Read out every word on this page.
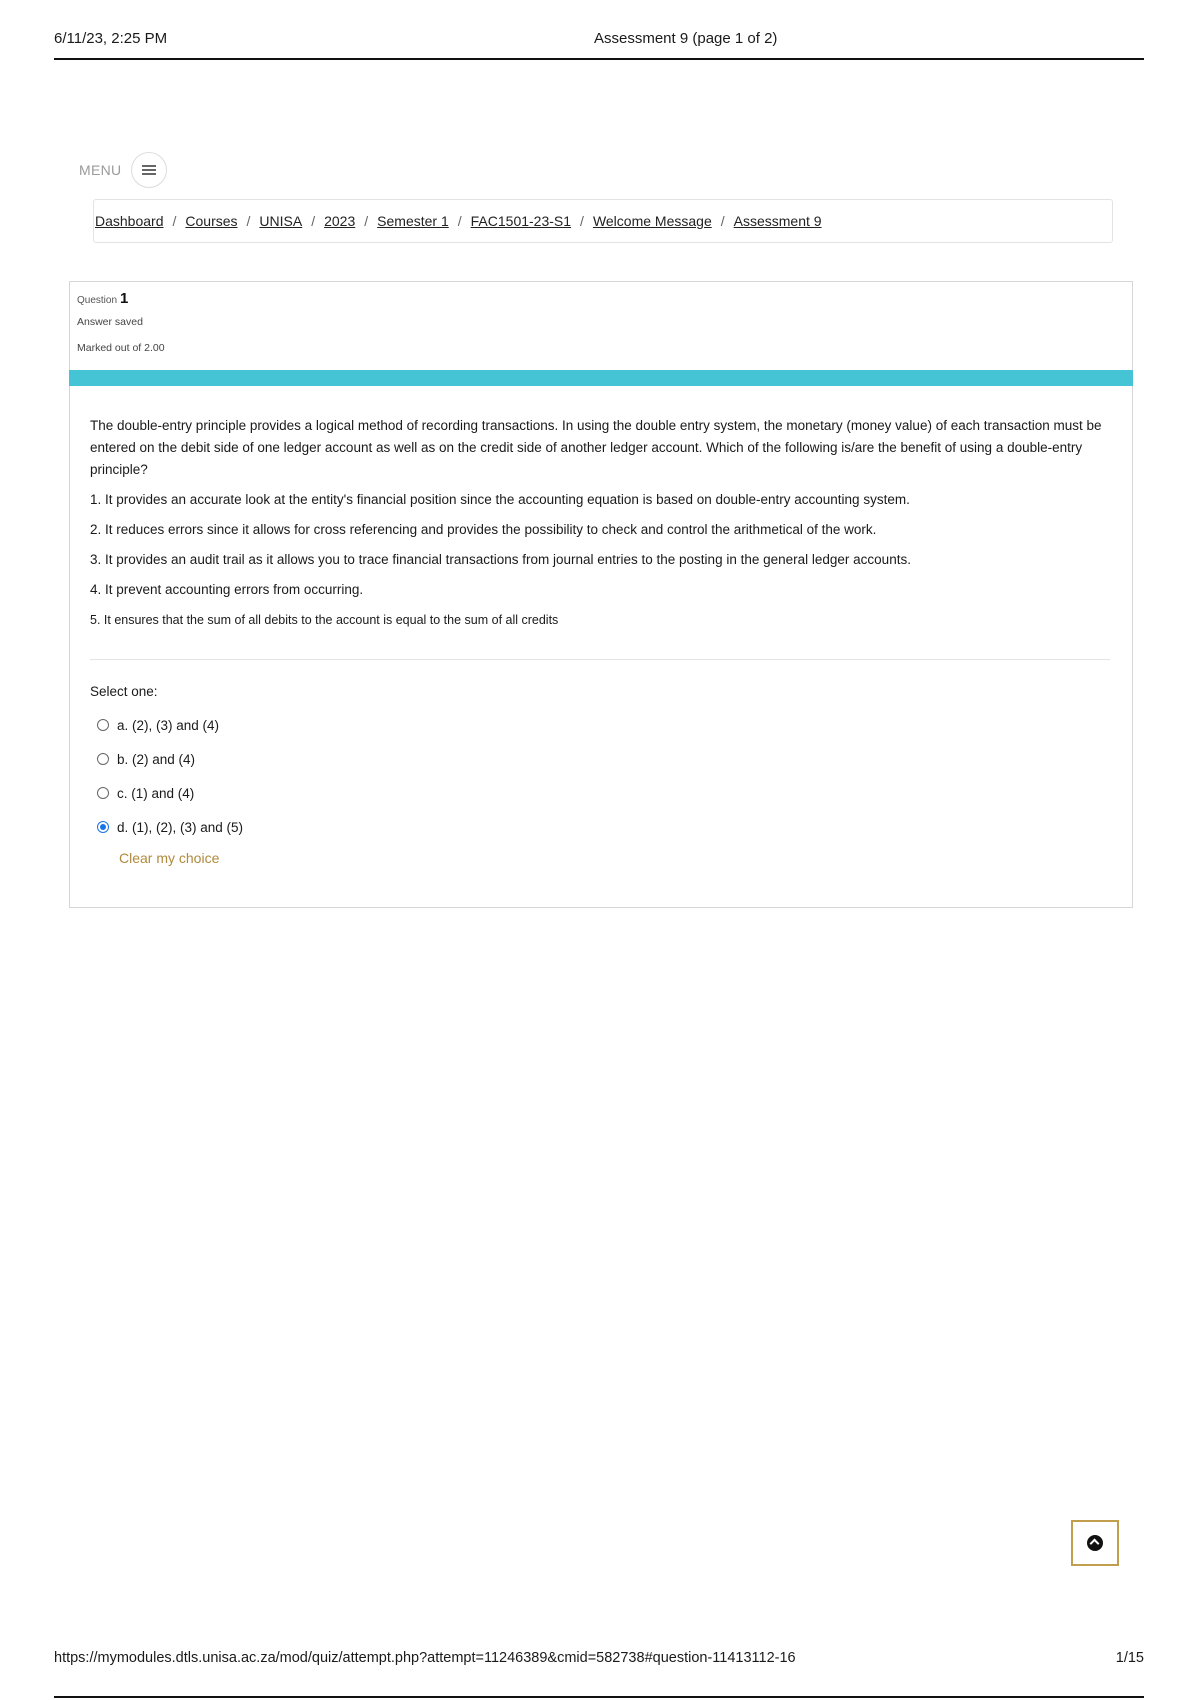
6/11/23, 2:25 PM	Assessment 9 (page 1 of 2)
MENU
Dashboard / Courses / UNISA / 2023 / Semester 1 / FAC1501-23-S1 / Welcome Message / Assessment 9
Question 1
Answer saved
Marked out of 2.00

The double-entry principle provides a logical method of recording transactions. In using the double entry system, the monetary (money value) of each transaction must be entered on the debit side of one ledger account as well as on the credit side of another ledger account. Which of the following is/are the benefit of using a double-entry principle?

1. It provides an accurate look at the entity's financial position since the accounting equation is based on double-entry accounting system.

2. It reduces errors since it allows for cross referencing and provides the possibility to check and control the arithmetical of the work.

3. It provides an audit trail as it allows you to trace financial transactions from journal entries to the posting in the general ledger accounts.

4. It prevent accounting errors from occurring.

5. It ensures that the sum of all debits to the account is equal to the sum of all credits

Select one:
a. (2), (3) and (4)
b. (2) and (4)
c. (1) and (4)
d. (1), (2), (3) and (5)
Clear my choice
https://mymodules.dtls.unisa.ac.za/mod/quiz/attempt.php?attempt=11246389&cmid=582738#question-11413112-16	1/15
